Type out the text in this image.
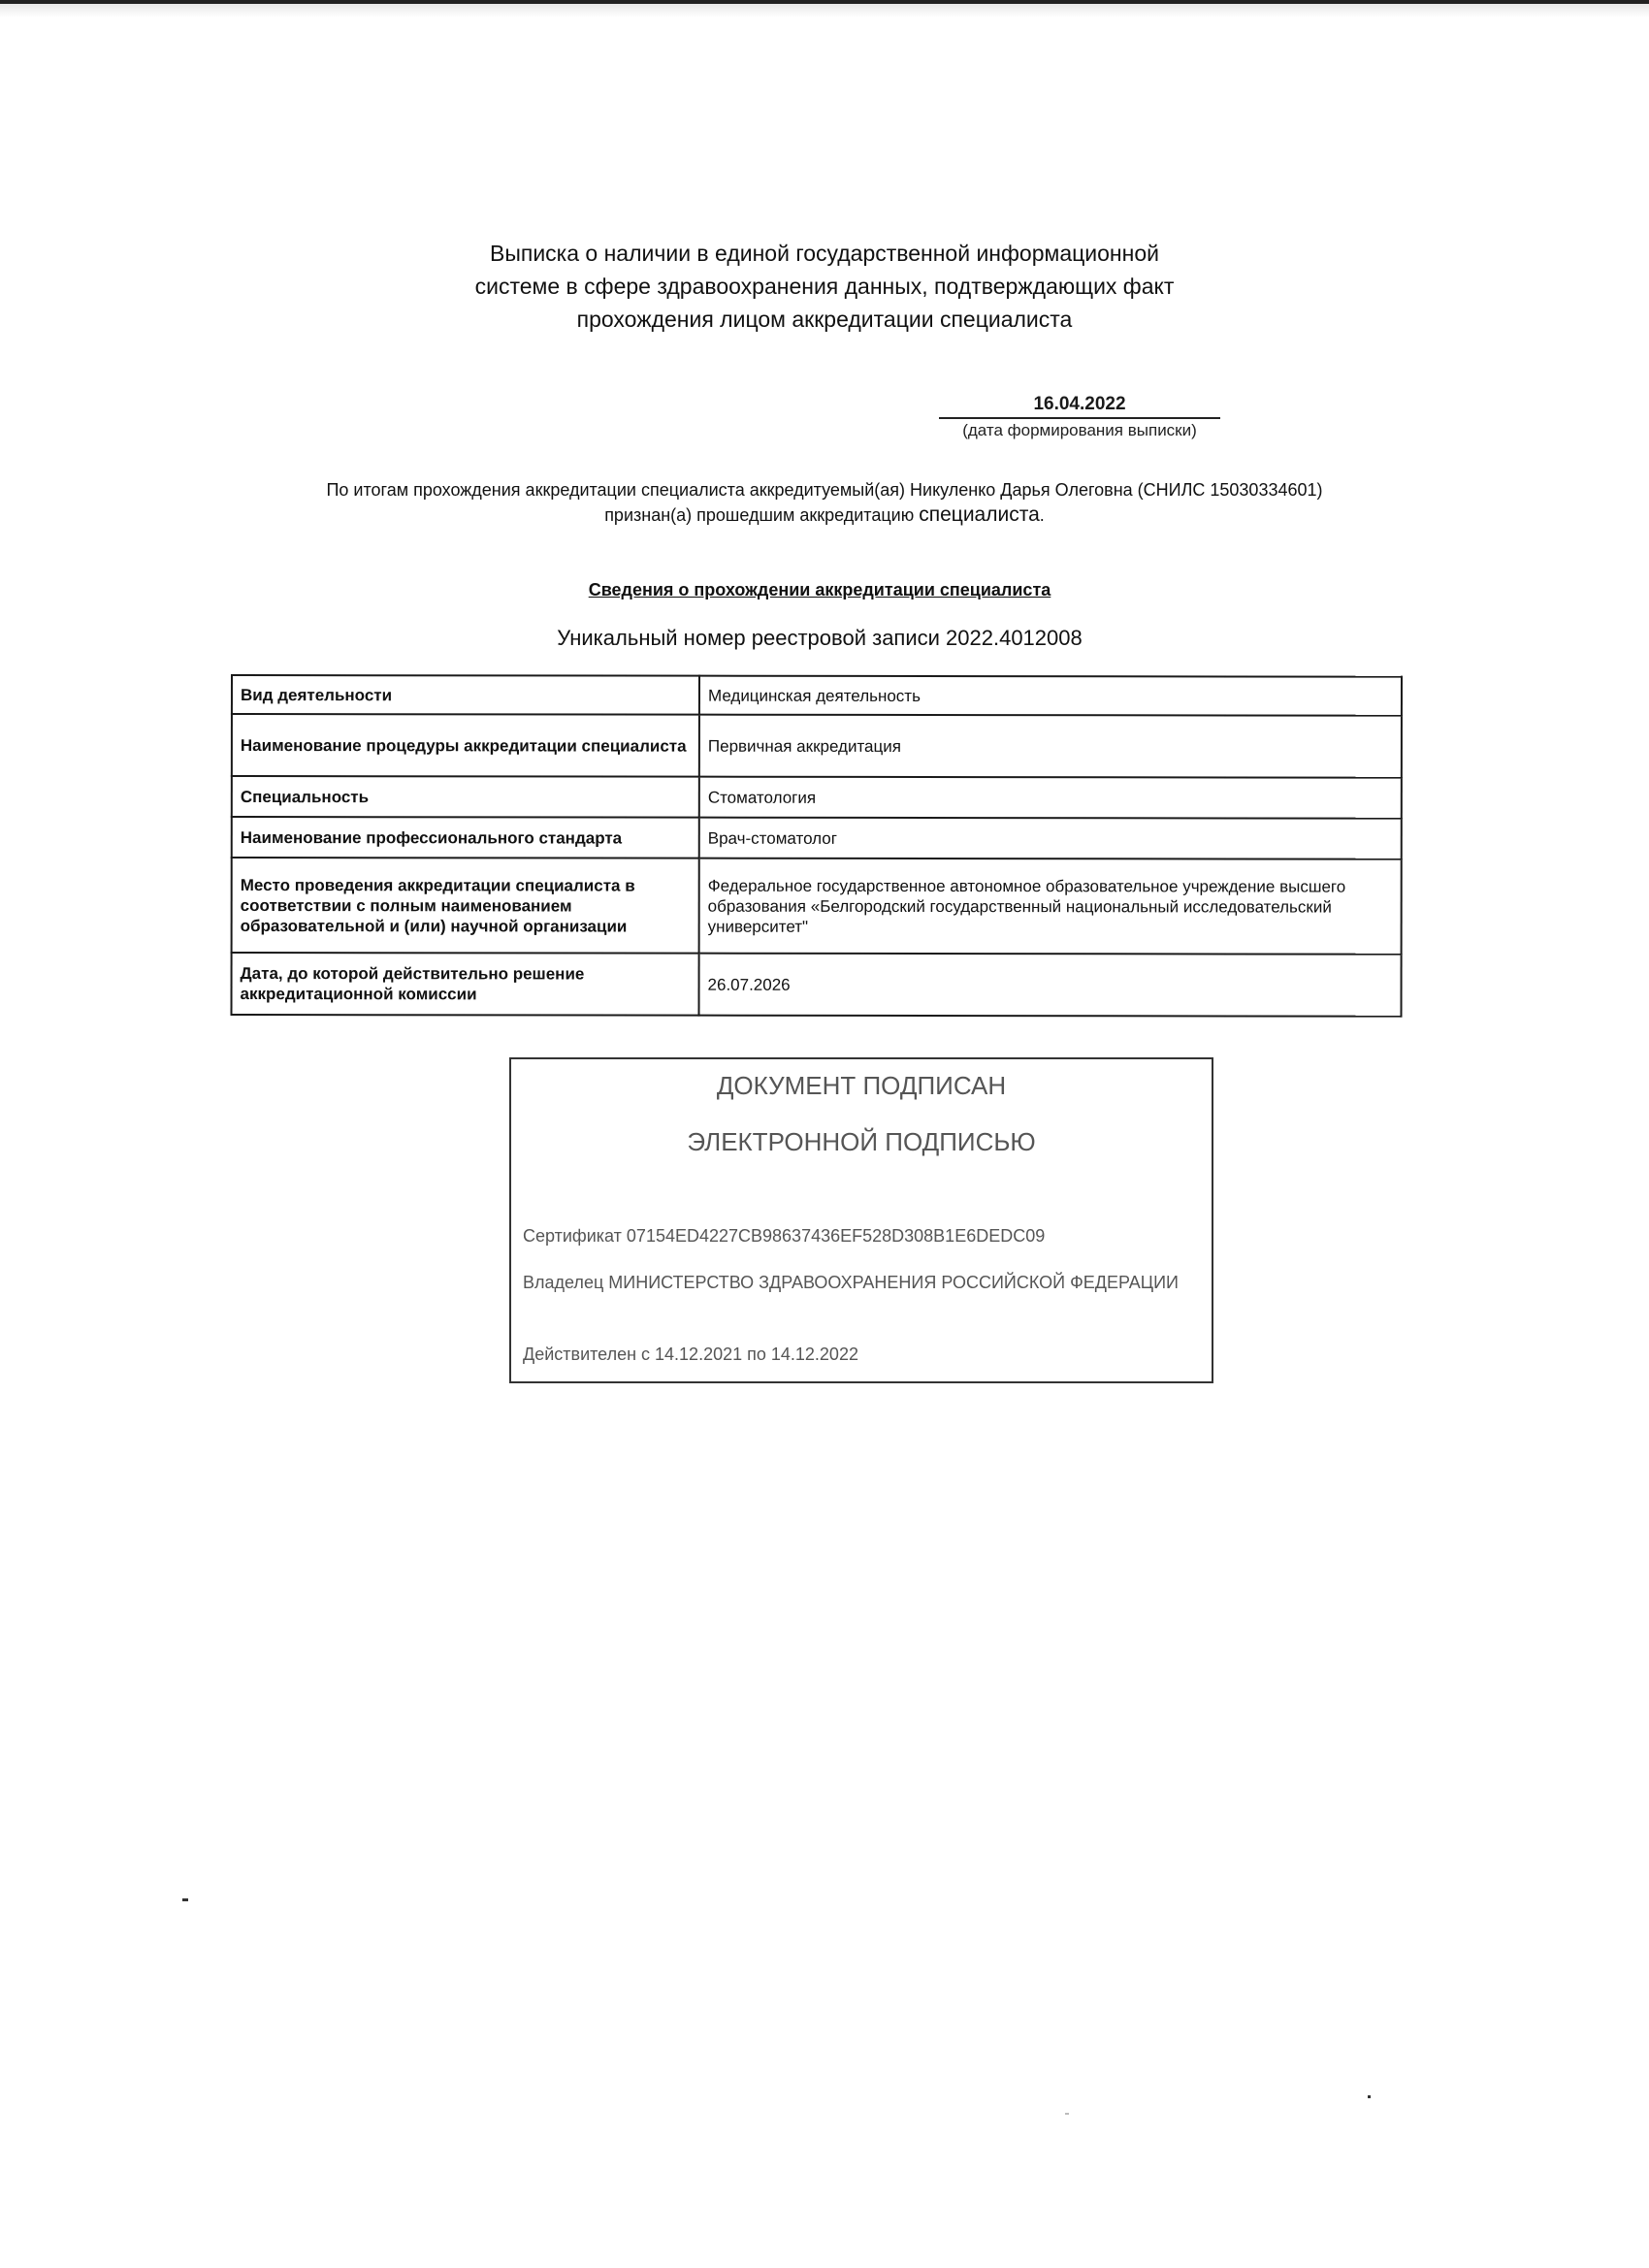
Выписка о наличии в единой государственной информационной
системе в сфере здравоохранения данных, подтверждающих факт
прохождения лицом аккредитации специалиста
16.04.2022
(дата формирования выписки)
По итогам прохождения аккредитации специалиста аккредитуемый(ая) Никуленко Дарья Олеговна (СНИЛС 15030334601)
признан(а) прошедшим аккредитацию специалиста.
Сведения о прохождении аккредитации специалиста
Уникальный номер реестровой записи 2022.4012008
Вид деятельности	Медицинская деятельность
Наименование процедуры аккредитации специалиста	Первичная аккредитация
Специальность	Стоматология
Наименование профессионального стандарта	Врач-стоматолог
Место проведения аккредитации специалиста в соответствии с полным наименованием образовательной и (или) научной организации	Федеральное государственное автономное образовательное учреждение высшего образования «Белгородский государственный национальный исследовательский университет"
Дата, до которой действительно решение аккредитационной комиссии	26.07.2026
ДОКУМЕНТ ПОДПИСАН
ЭЛЕКТРОННОЙ ПОДПИСЬЮ
Сертификат 07154ED4227CB98637436EF528D308B1E6DEDC09
Владелец МИНИСТЕРСТВО ЗДРАВООХРАНЕНИЯ РОССИЙСКОЙ ФЕДЕРАЦИИ
Действителен с 14.12.2021 по 14.12.2022
